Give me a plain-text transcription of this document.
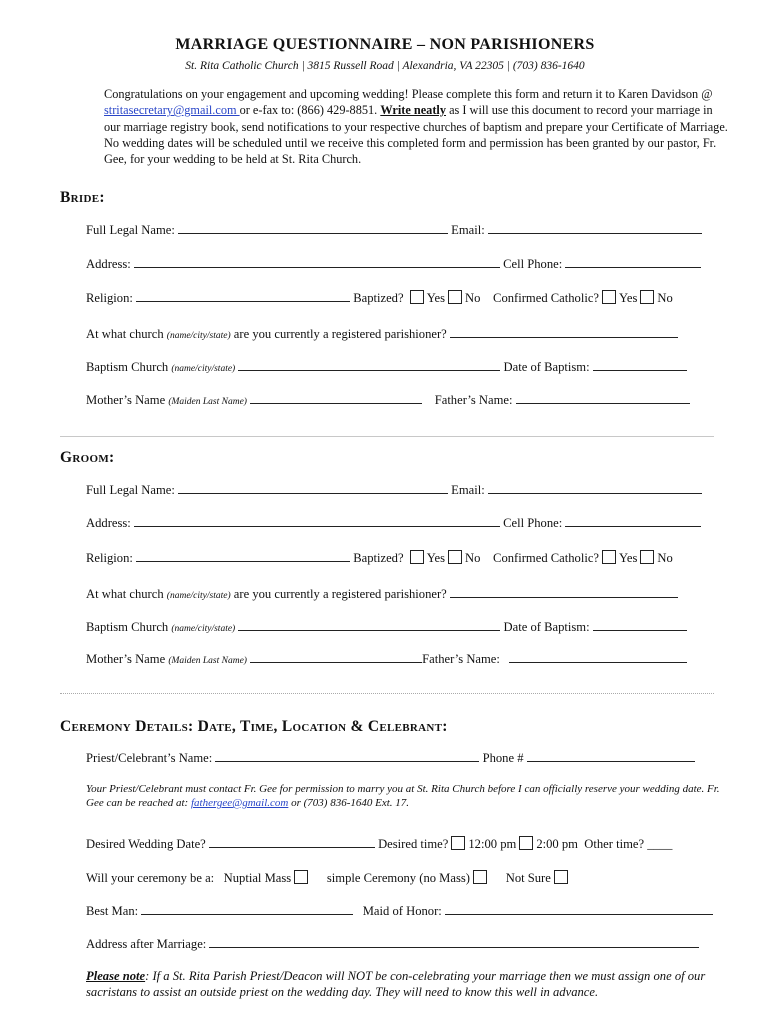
MARRIAGE QUESTIONNAIRE – NON PARISHIONERS
St. Rita Catholic Church | 3815 Russell Road | Alexandria, VA 22305 | (703) 836-1640
Congratulations on your engagement and upcoming wedding! Please complete this form and return it to Karen Davidson @ stritasecretary@gmail.com or e-fax to: (866) 429-8851. Write neatly as I will use this document to record your marriage in our marriage registry book, send notifications to your respective churches of baptism and prepare your Certificate of Marriage. No wedding dates will be scheduled until we receive this completed form and permission has been granted by our pastor, Fr. Gee, for your wedding to be held at St. Rita Church.
Bride:
Full Legal Name:	Email:
Address:	Cell Phone:
Religion:	Baptized? Yes No Confirmed Catholic? Yes No
At what church (name/city/state) are you currently a registered parishioner?
Baptism Church (name/city/state)	Date of Baptism:
Mother’s Name (Maiden Last Name)	Father’s Name:
Groom:
Full Legal Name:	Email:
Address:	Cell Phone:
Religion:	Baptized? Yes No Confirmed Catholic? Yes No
At what church (name/city/state) are you currently a registered parishioner?
Baptism Church (name/city/state)	Date of Baptism:
Mother’s Name (Maiden Last Name)	Father’s Name:
Ceremony Details: Date, Time, Location & Celebrant:
Priest/Celebrant’s Name:	Phone #
Your Priest/Celebrant must contact Fr. Gee for permission to marry you at St. Rita Church before I can officially reserve your wedding date. Fr. Gee can be reached at: fathergee@gmail.com or (703) 836-1640 Ext. 17.
Desired Wedding Date?	Desired time? 12:00 pm 2:00 pm Other time? ____
Will your ceremony be a: Nuptial Mass	simple Ceremony (no Mass)	Not Sure
Best Man:	Maid of Honor:
Address after Marriage:
Please note: If a St. Rita Parish Priest/Deacon will NOT be con-celebrating your marriage then we must assign one of our sacristans to assist an outside priest on the wedding day. They will need to know this well in advance.
